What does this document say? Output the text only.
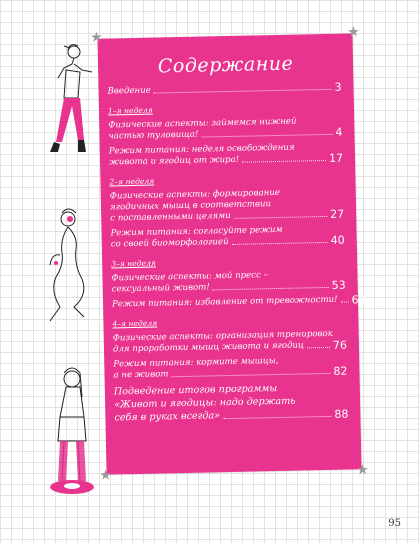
★	★
★	★
Содержание
Введение	3
1–я неделя
Физические аспекты: займемся нижней
частью туловища!	4
Режим питания: неделя освобождения
живота и ягодиц от жира!	17
2–я неделя
Физические аспекты: формирование
ягодичных мышц в соответствии
с поставленными целями	27
Режим питания: согласуйте режим
со своей биоморфологией	40
3–я неделя
Физические аспекты: мой пресс –
сексуальный живот!	53
Режим питания: избавление от тревожности! 68
4–я неделя
Физические аспекты: организация тренировок
для проработки мышц живота и ягодиц	76
Режим питания: кормите мышцы,
а не живот	82
Подведение итогов программы
«Живот и ягодицы: надо держать
себя в руках всегда»	88
95
